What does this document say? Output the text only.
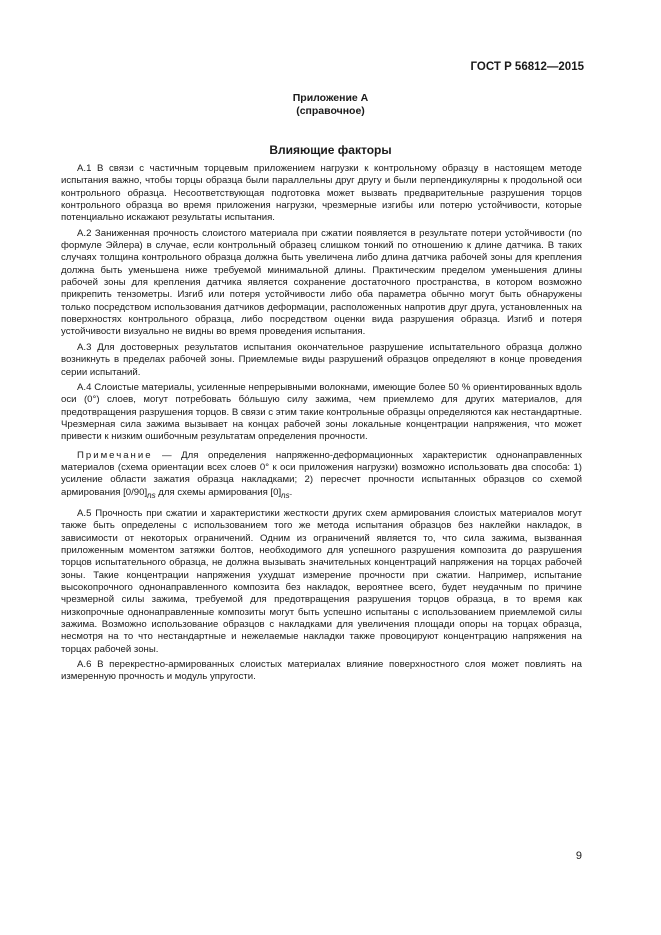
ГОСТ Р 56812—2015
Приложение А
(справочное)
Влияющие факторы

А.1 В связи с частичным торцевым приложением нагрузки к контрольному образцу в настоящем методе испытания важно, чтобы торцы образца были параллельны друг другу и были перпендикулярны к продольной оси контрольного образца. Несоответствующая подготовка может вызвать предварительные разрушения торцов контрольного образца во время приложения нагрузки, чрезмерные изгибы или потерю устойчивости, которые потенциально искажают результаты испытания.

А.2 Заниженная прочность слоистого материала при сжатии появляется в результате потери устойчивости (по формуле Эйлера) в случае, если контрольный образец слишком тонкий по отношению к длине датчика. В таких случаях толщина контрольного образца должна быть увеличена либо длина датчика рабочей зоны для крепления должна быть уменьшена ниже требуемой минимальной длины. Практическим пределом уменьшения длины рабочей зоны для крепления датчика является сохранение достаточного пространства, в котором возможно прикрепить тензометры. Изгиб или потеря устойчивости либо оба параметра обычно могут быть обнаружены только посредством использования датчиков деформации, расположенных напротив друг друга, установленных на поверхностях контрольного образца, либо посредством оценки вида разрушения образца. Изгиб и потеря устойчивости визуально не видны во время проведения испытания.

А.3 Для достоверных результатов испытания окончательное разрушение испытательного образца должно возникнуть в пределах рабочей зоны. Приемлемые виды разрушений образцов определяют в конце проведения серии испытаний.

А.4 Слоистые материалы, усиленные непрерывными волокнами, имеющие более 50 % ориентированных вдоль оси (0°) слоев, могут потребовать бо́льшую силу зажима, чем приемлемо для других материалов, для предотвращения разрушения торцов. В связи с этим такие контрольные образцы определяются как нестандартные. Чрезмерная сила зажима вызывает на концах рабочей зоны локальные концентрации напряжения, что может привести к низким ошибочным результатам определения прочности.

Примечание — Для определения напряженно-деформационных характеристик однонаправленных материалов (схема ориентации всех слоев 0° к оси приложения нагрузки) возможно использовать два способа: 1) усиление области зажатия образца накладками; 2) пересчет прочности испытанных образцов со схемой армирования $[0/90]_{ns}$ для схемы армирования $[0]_{ns}$.

А.5 Прочность при сжатии и характеристики жесткости других схем армирования слоистых материалов могут также быть определены с использованием того же метода испытания образцов без наклейки накладок, в зависимости от некоторых ограничений. Одним из ограничений является то, что сила зажима, вызванная приложенным моментом затяжки болтов, необходимого для успешного разрушения композита до разрушения торцов испытательного образца, не должна вызывать значительных концентраций напряжения на торцах рабочей зоны. Такие концентрации напряжения ухудшат измерение прочности при сжатии. Например, испытание высокопрочного однонаправленного композита без накладок, вероятнее всего, будет неудачным по причине чрезмерной силы зажима, требуемой для предотвращения разрушения торцов образца, в то время как низкопрочные однонаправленные композиты могут быть успешно испытаны с использованием приемлемой силы зажима. Возможно использование образцов с накладками для увеличения площади опоры на торцах образца, несмотря на то что нестандартные и нежелаемые накладки также провоцируют концентрацию напряжения на торцах рабочей зоны.

А.6 В перекрестно-армированных слоистых материалах влияние поверхностного слоя может повлиять на измеренную прочность и модуль упругости.

9
